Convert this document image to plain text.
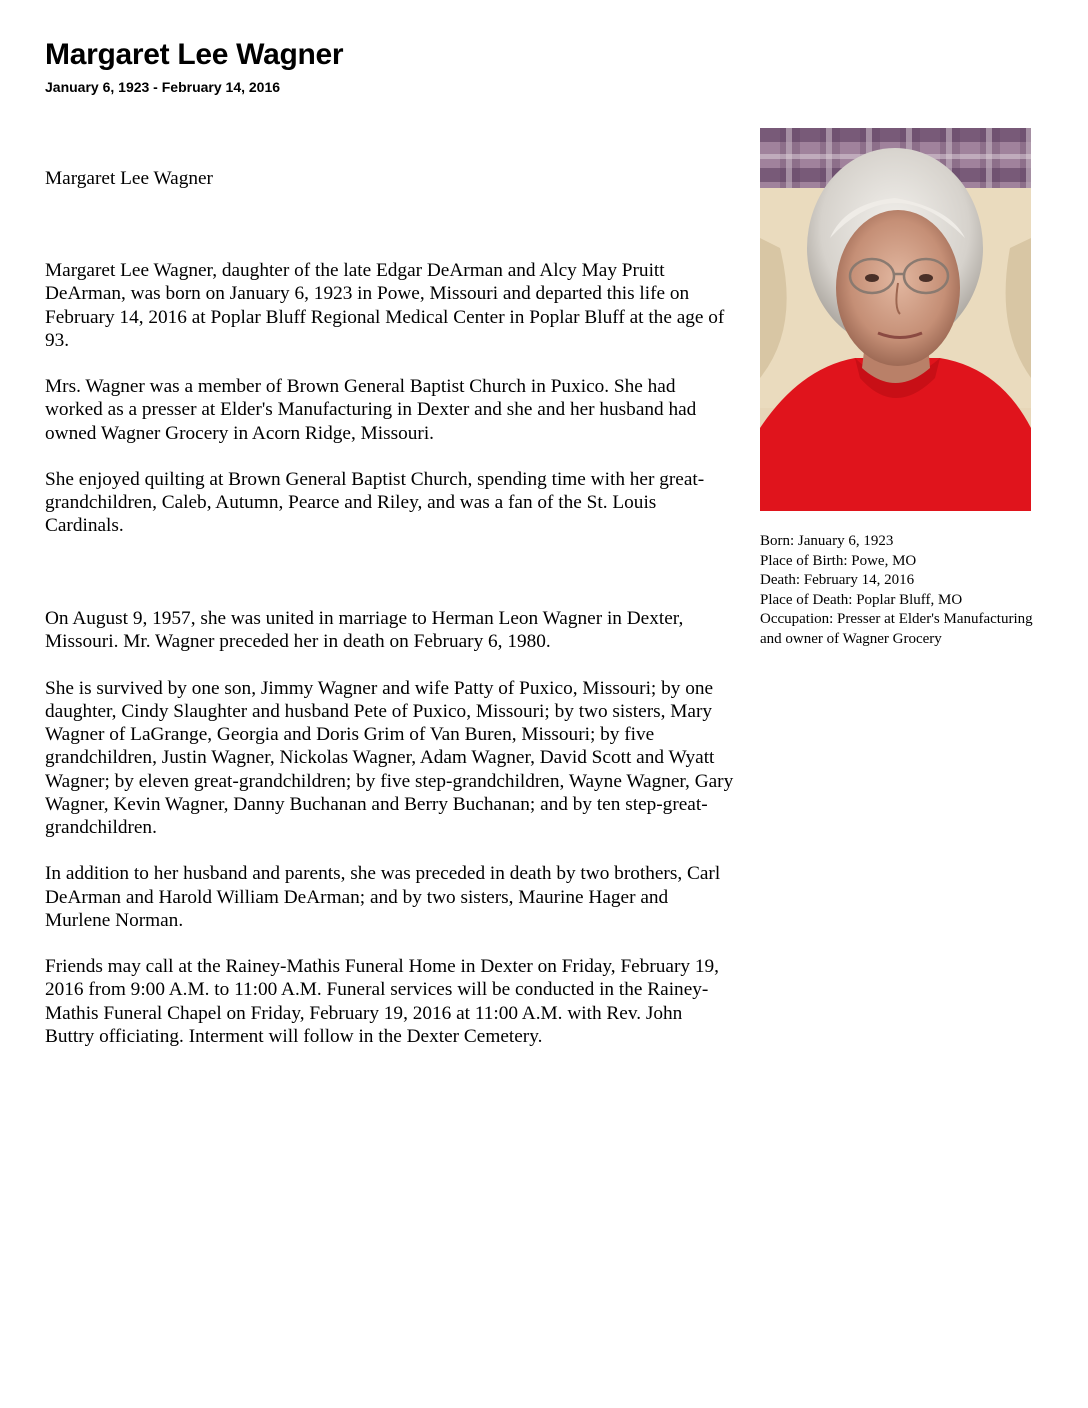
Margaret Lee Wagner
January 6, 1923 - February 14, 2016

Margaret Lee Wagner

Margaret Lee Wagner, daughter of the late Edgar DeArman and Alcy May Pruitt DeArman, was born on January 6, 1923 in Powe, Missouri and departed this life on February 14, 2016 at Poplar Bluff Regional Medical Center in Poplar Bluff at the age of 93.

Mrs. Wagner was a member of Brown General Baptist Church in Puxico. She had worked as a presser at Elder's Manufacturing in Dexter and she and her husband had owned Wagner Grocery in Acorn Ridge, Missouri.

She enjoyed quilting at Brown General Baptist Church, spending time with her great-grandchildren, Caleb, Autumn, Pearce and Riley, and was a fan of the St. Louis Cardinals.

On August 9, 1957, she was united in marriage to Herman Leon Wagner in Dexter, Missouri. Mr. Wagner preceded her in death on February 6, 1980.

She is survived by one son, Jimmy Wagner and wife Patty of Puxico, Missouri; by one daughter, Cindy Slaughter and husband Pete of Puxico, Missouri; by two sisters, Mary Wagner of LaGrange, Georgia and Doris Grim of Van Buren, Missouri; by five grandchildren, Justin Wagner, Nickolas Wagner, Adam Wagner, David Scott and Wyatt Wagner; by eleven great-grandchildren; by five step-grandchildren, Wayne Wagner, Gary Wagner, Kevin Wagner, Danny Buchanan and Berry Buchanan; and by ten step-great-grandchildren.

In addition to her husband and parents, she was preceded in death by two brothers, Carl DeArman and Harold William DeArman; and by two sisters, Maurine Hager and Murlene Norman.

Friends may call at the Rainey-Mathis Funeral Home in Dexter on Friday, February 19, 2016 from 9:00 A.M. to 11:00 A.M. Funeral services will be conducted in the Rainey-Mathis Funeral Chapel on Friday, February 19, 2016 at 11:00 A.M. with Rev. John Buttry officiating. Interment will follow in the Dexter Cemetery.

Born: January 6, 1923
Place of Birth: Powe, MO
Death: February 14, 2016
Place of Death: Poplar Bluff, MO
Occupation: Presser at Elder's Manufacturing and owner of Wagner Grocery
